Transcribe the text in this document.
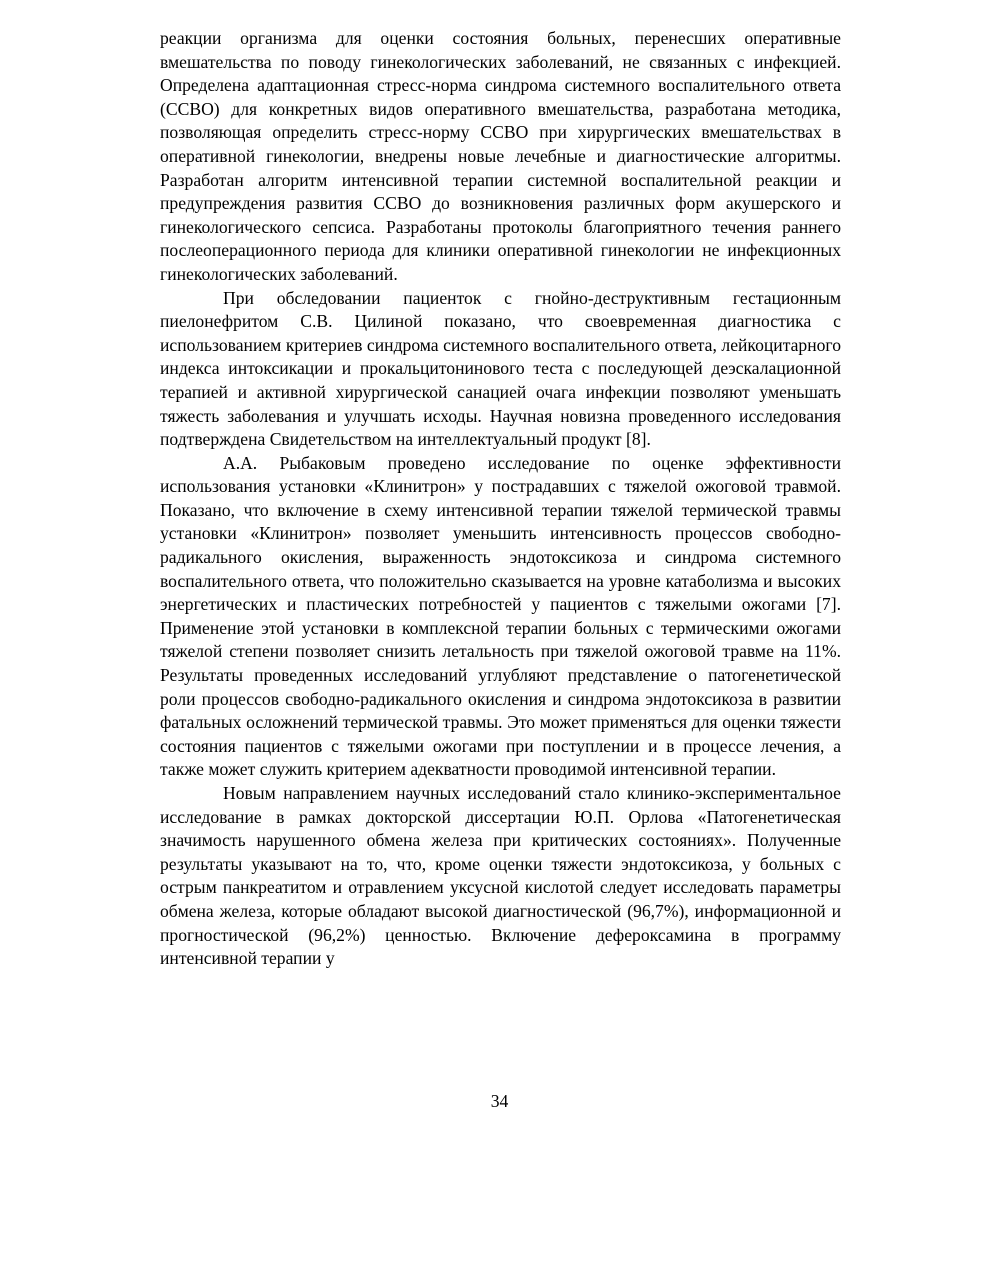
реакции организма для оценки состояния больных, перенесших оперативные вмешательства по поводу гинекологических заболеваний, не связанных с инфекцией. Определена адаптационная стресс-норма синдрома системного воспалительного ответа (ССВО) для конкретных видов оперативного вмешательства, разработана методика, позволяющая определить стресс-норму ССВО при хирургических вмешательствах в оперативной гинекологии, внедрены новые лечебные и диагностические алгоритмы. Разработан алгоритм интенсивной терапии системной воспалительной реакции и предупреждения развития ССВО до возникновения различных форм акушерского и гинекологического сепсиса. Разработаны протоколы благоприятного течения раннего послеоперационного периода для клиники оперативной гинекологии не инфекционных гинекологических заболеваний.

При обследовании пациенток с гнойно-деструктивным гестационным пиелонефритом С.В. Цилиной показано, что своевременная диагностика с использованием критериев синдрома системного воспалительного ответа, лейкоцитарного индекса интоксикации и прокальцитонинового теста с последующей деэскалационной терапией и активной хирургической санацией очага инфекции позволяют уменьшать тяжесть заболевания и улучшать исходы. Научная новизна проведенного исследования подтверждена Свидетельством на интеллектуальный продукт [8].

А.А. Рыбаковым проведено исследование по оценке эффективности использования установки «Клинитрон» у пострадавших с тяжелой ожоговой травмой. Показано, что включение в схему интенсивной терапии тяжелой термической травмы установки «Клинитрон» позволяет уменьшить интенсивность процессов свободно-радикального окисления, выраженность эндотоксикоза и синдрома системного воспалительного ответа, что положительно сказывается на уровне катаболизма и высоких энергетических и пластических потребностей у пациентов с тяжелыми ожогами [7]. Применение этой установки в комплексной терапии больных с термическими ожогами тяжелой степени позволяет снизить летальность при тяжелой ожоговой травме на 11%. Результаты проведенных исследований углубляют представление о патогенетической роли процессов свободно-радикального окисления и синдрома эндотоксикоза в развитии фатальных осложнений термической травмы. Это может применяться для оценки тяжести состояния пациентов с тяжелыми ожогами при поступлении и в процессе лечения, а также может служить критерием адекватности проводимой интенсивной терапии.

Новым направлением научных исследований стало клинико-экспериментальное исследование в рамках докторской диссертации Ю.П. Орлова «Патогенетическая значимость нарушенного обмена железа при критических состояниях». Полученные результаты указывают на то, что, кроме оценки тяжести эндотоксикоза, у больных с острым панкреатитом и отравлением уксусной кислотой следует исследовать параметры обмена железа, которые обладают высокой диагностической (96,7%), информационной и прогностической (96,2%) ценностью. Включение дефероксамина в программу интенсивной терапии у

34
